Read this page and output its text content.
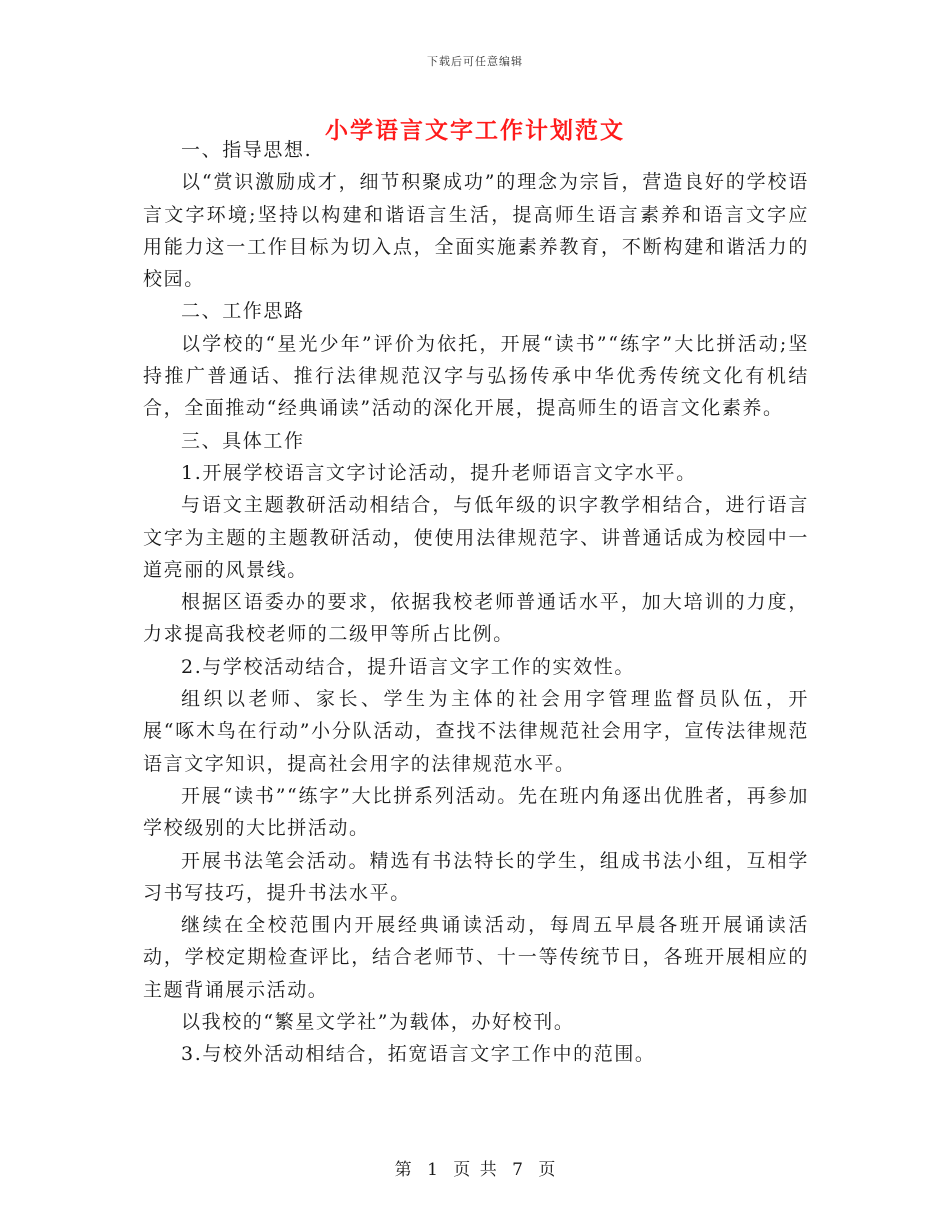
下载后可任意编辑
小学语言文字工作计划范文

一、指导思想.

以“赏识激励成才，细节积聚成功”的理念为宗旨，营造良好的学校语言文字环境;坚持以构建和谐语言生活，提高师生语言素养和语言文字应用能力这一工作目标为切入点，全面实施素养教育，不断构建和谐活力的校园。

二、工作思路

以学校的“星光少年”评价为依托，开展“读书”“练字”大比拼活动;坚持推广普通话、推行法律规范汉字与弘扬传承中华优秀传统文化有机结合，全面推动“经典诵读”活动的深化开展，提高师生的语言文化素养。

三、具体工作

1.开展学校语言文字讨论活动，提升老师语言文字水平。

与语文主题教研活动相结合，与低年级的识字教学相结合，进行语言文字为主题的主题教研活动，使使用法律规范字、讲普通话成为校园中一道亮丽的风景线。

根据区语委办的要求，依据我校老师普通话水平，加大培训的力度，力求提高我校老师的二级甲等所占比例。

2.与学校活动结合，提升语言文字工作的实效性。

组织以老师、家长、学生为主体的社会用字管理监督员队伍，开展“啄木鸟在行动”小分队活动，查找不法律规范社会用字，宣传法律规范语言文字知识，提高社会用字的法律规范水平。

开展“读书”“练字”大比拼系列活动。先在班内角逐出优胜者，再参加学校级别的大比拼活动。

开展书法笔会活动。精选有书法特长的学生，组成书法小组，互相学习书写技巧，提升书法水平。

继续在全校范围内开展经典诵读活动，每周五早晨各班开展诵读活动，学校定期检查评比，结合老师节、十一等传统节日，各班开展相应的主题背诵展示活动。

以我校的“繁星文学社”为载体，办好校刊。

3.与校外活动相结合，拓宽语言文字工作中的范围。

第 1 页 共 7 页
